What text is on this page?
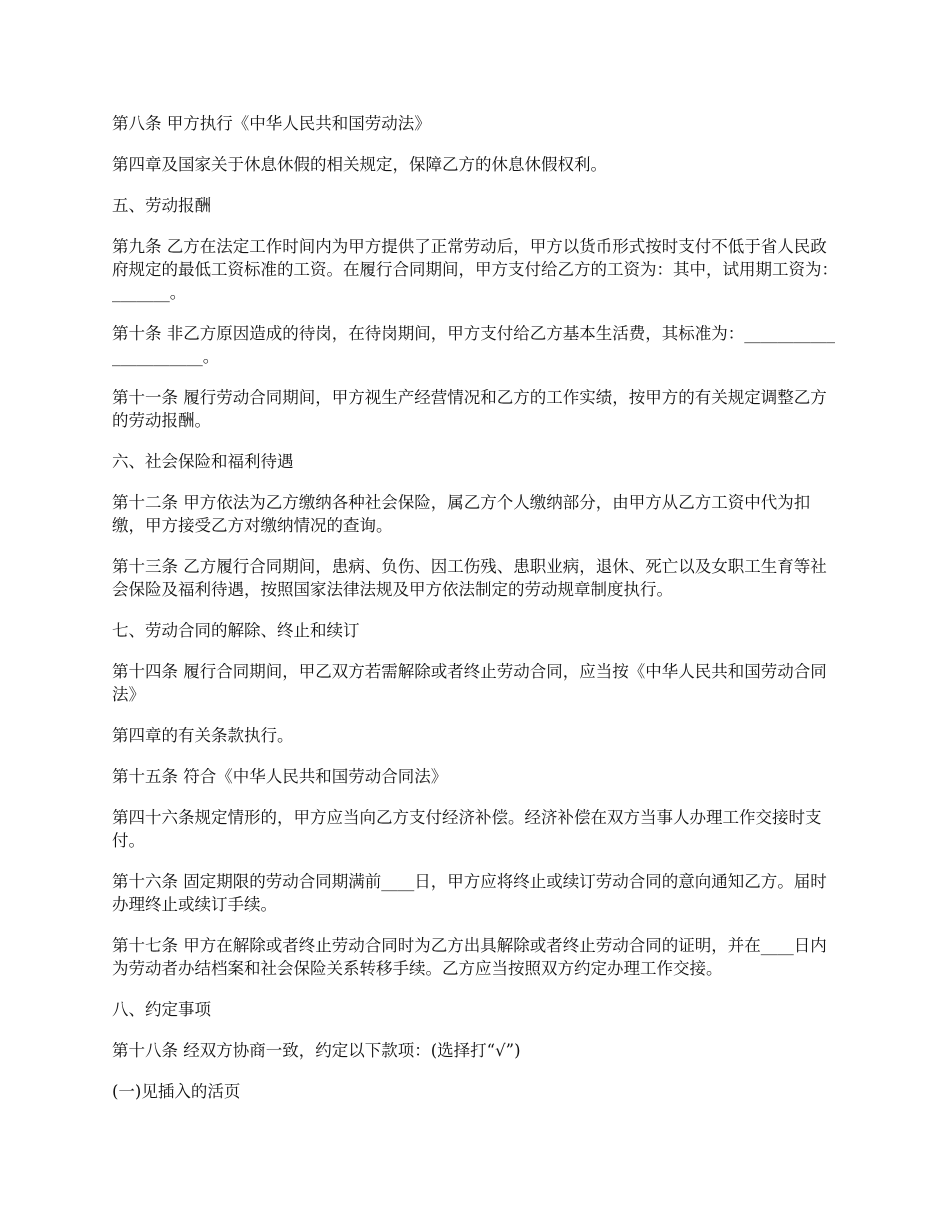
第八条 甲方执行《中华人民共和国劳动法》

第四章及国家关于休息休假的相关规定，保障乙方的休息休假权利。

五、劳动报酬

第九条 乙方在法定工作时间内为甲方提供了正常劳动后，甲方以货币形式按时支付不低于省人民政府规定的最低工资标准的工资。在履行合同期间，甲方支付给乙方的工资为：其中，试用期工资为：_______。

第十条 非乙方原因造成的待岗，在待岗期间，甲方支付给乙方基本生活费，其标准为：______________________。

第十一条 履行劳动合同期间，甲方视生产经营情况和乙方的工作实绩，按甲方的有关规定调整乙方的劳动报酬。

六、社会保险和福利待遇

第十二条 甲方依法为乙方缴纳各种社会保险，属乙方个人缴纳部分，由甲方从乙方工资中代为扣缴，甲方接受乙方对缴纳情况的查询。

第十三条 乙方履行合同期间，患病、负伤、因工伤残、患职业病，退休、死亡以及女职工生育等社会保险及福利待遇，按照国家法律法规及甲方依法制定的劳动规章制度执行。

七、劳动合同的解除、终止和续订

第十四条 履行合同期间，甲乙双方若需解除或者终止劳动合同，应当按《中华人民共和国劳动合同法》

第四章的有关条款执行。

第十五条 符合《中华人民共和国劳动合同法》

第四十六条规定情形的，甲方应当向乙方支付经济补偿。经济补偿在双方当事人办理工作交接时支付。

第十六条 固定期限的劳动合同期满前____日，甲方应将终止或续订劳动合同的意向通知乙方。届时办理终止或续订手续。

第十七条 甲方在解除或者终止劳动合同时为乙方出具解除或者终止劳动合同的证明，并在____日内为劳动者办结档案和社会保险关系转移手续。乙方应当按照双方约定办理工作交接。

八、约定事项

第十八条 经双方协商一致，约定以下款项：(选择打“√”)

(一)见插入的活页
